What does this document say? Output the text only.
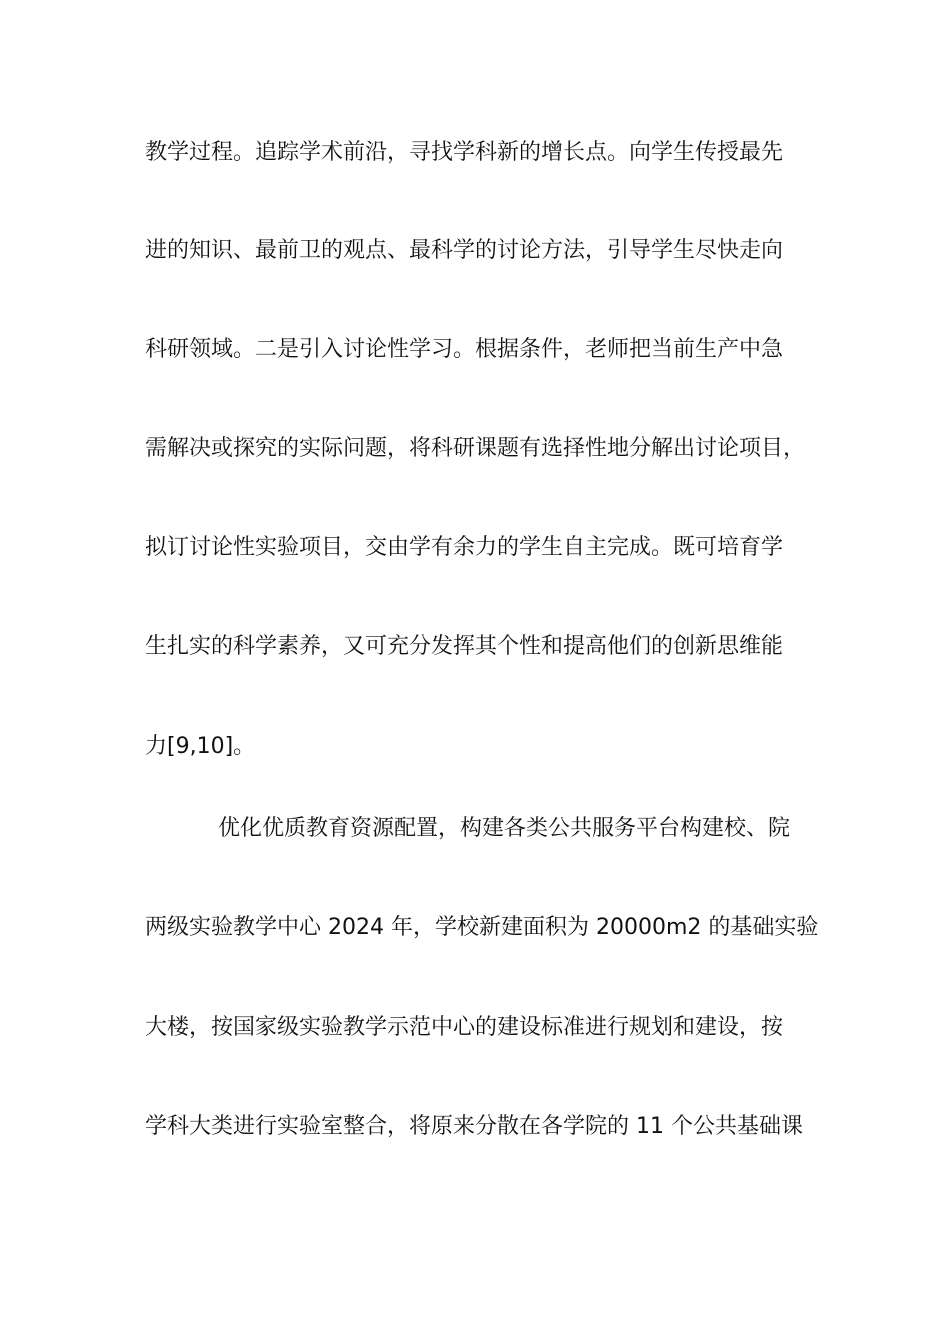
教学过程。追踪学术前沿，寻找学科新的增长点。向学生传授最先
进的知识、最前卫的观点、最科学的讨论方法，引导学生尽快走向
科研领域。二是引入讨论性学习。根据条件，老师把当前生产中急
需解决或探究的实际问题，将科研课题有选择性地分解出讨论项目，
拟订讨论性实验项目，交由学有余力的学生自主完成。既可培育学
生扎实的科学素养，又可充分发挥其个性和提高他们的创新思维能
力[9,10]。
优化优质教育资源配置，构建各类公共服务平台构建校、院
两级实验教学中心 2024 年，学校新建面积为 20000m2 的基础实验
大楼，按国家级实验教学示范中心的建设标准进行规划和建设，按
学科大类进行实验室整合，将原来分散在各学院的 11 个公共基础课
